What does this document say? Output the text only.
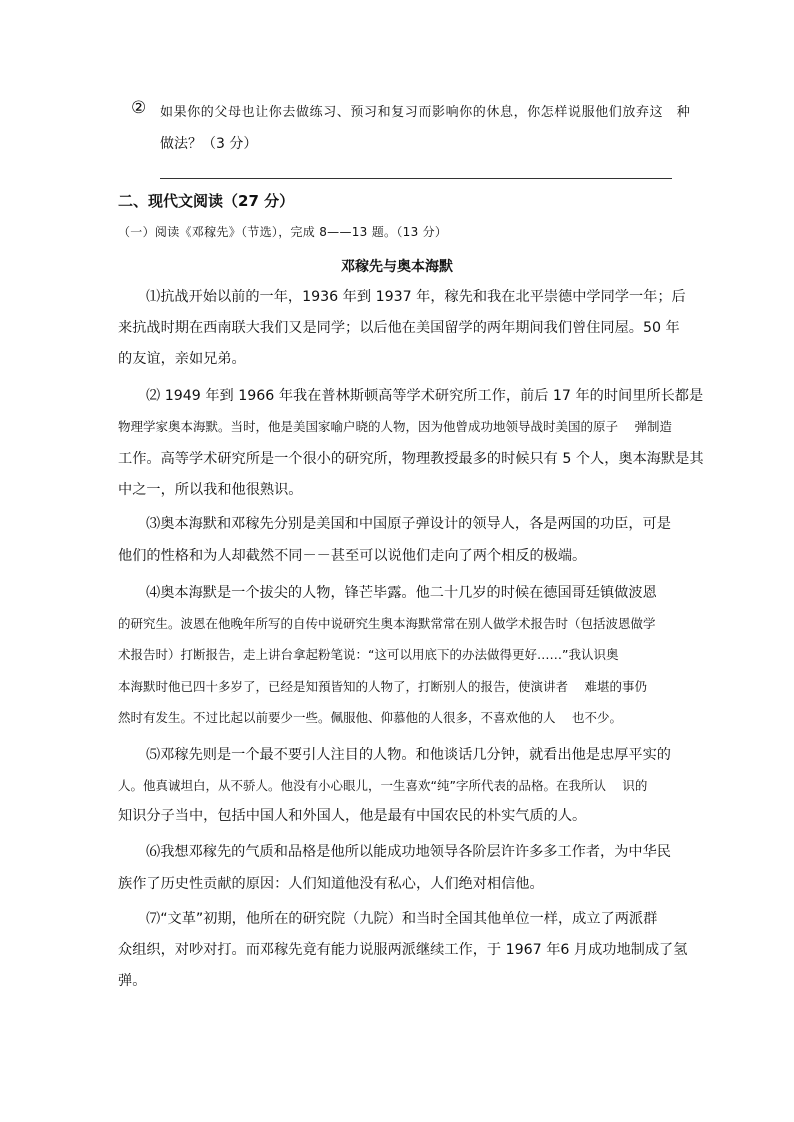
② 如果你的父母也让你去做练习、预习和复习而影响你的休息，你怎样说服他们放弃这　种
做法？（3 分）
二、现代文阅读（27 分）
（一）阅读《邓稼先》（节选），完成 8——13 题。（13 分）
邓稼先与奥本海默
⑴抗战开始以前的一年，1936 年到 1937 年，稼先和我在北平崇德中学同学一年；后
来抗战时期在西南联大我们又是同学；以后他在美国留学的两年期间我们曾住同屋。50 年
的友谊，亲如兄弟。
⑵ 1949 年到 1966 年我在普林斯顿高等学术研究所工作，前后 17 年的时间里所长都是
物理学家奥本海默。当时，他是美国家喻户晓的人物，因为他曾成功地领导战时美国的原子　 弹制造
工作。高等学术研究所是一个很小的研究所，物理教授最多的时候只有 5 个人，奥本海默是其
中之一，所以我和他很熟识。
⑶奥本海默和邓稼先分别是美国和中国原子弹设计的领导人，各是两国的功臣，可是
他们的性格和为人却截然不同－－甚至可以说他们走向了两个相反的极端。
⑷奥本海默是一个拔尖的人物，锋芒毕露。他二十几岁的时候在德国哥廷镇做波恩
的研究生。波恩在他晚年所写的自传中说研究生奥本海默常常在别人做学术报告时（包括波恩做学
术报告时）打断报告，走上讲台拿起粉笔说：“这可以用底下的办法做得更好……”我认识奥
本海默时他已四十多岁了，已经是知預皆知的人物了，打断别人的报告，使演讲者　 难堪的事仍
然时有发生。不过比起以前要少一些。佩服他、仰慕他的人很多，不喜欢他的人　 也不少。
⑸邓稼先则是一个最不要引人注目的人物。和他谈话几分钟，就看出他是忠厚平实的
人。他真诚坦白，从不骄人。他没有小心眼儿，一生喜欢“纯”字所代表的品格。在我所认　 识的
知识分子当中，包括中国人和外国人，他是最有中国农民的朴实气质的人。
⑹我想邓稼先的气质和品格是他所以能成功地领导各阶层许许多多工作者，为中华民
族作了历史性贡献的原因：人们知道他没有私心，人们绝对相信他。
⑺“文革”初期，他所在的研究院（九院）和当时全国其他单位一样，成立了两派群
众组织，对吵对打。而邓稼先竟有能力说服两派继续工作，于 1967 年6 月成功地制成了氢
弹。
